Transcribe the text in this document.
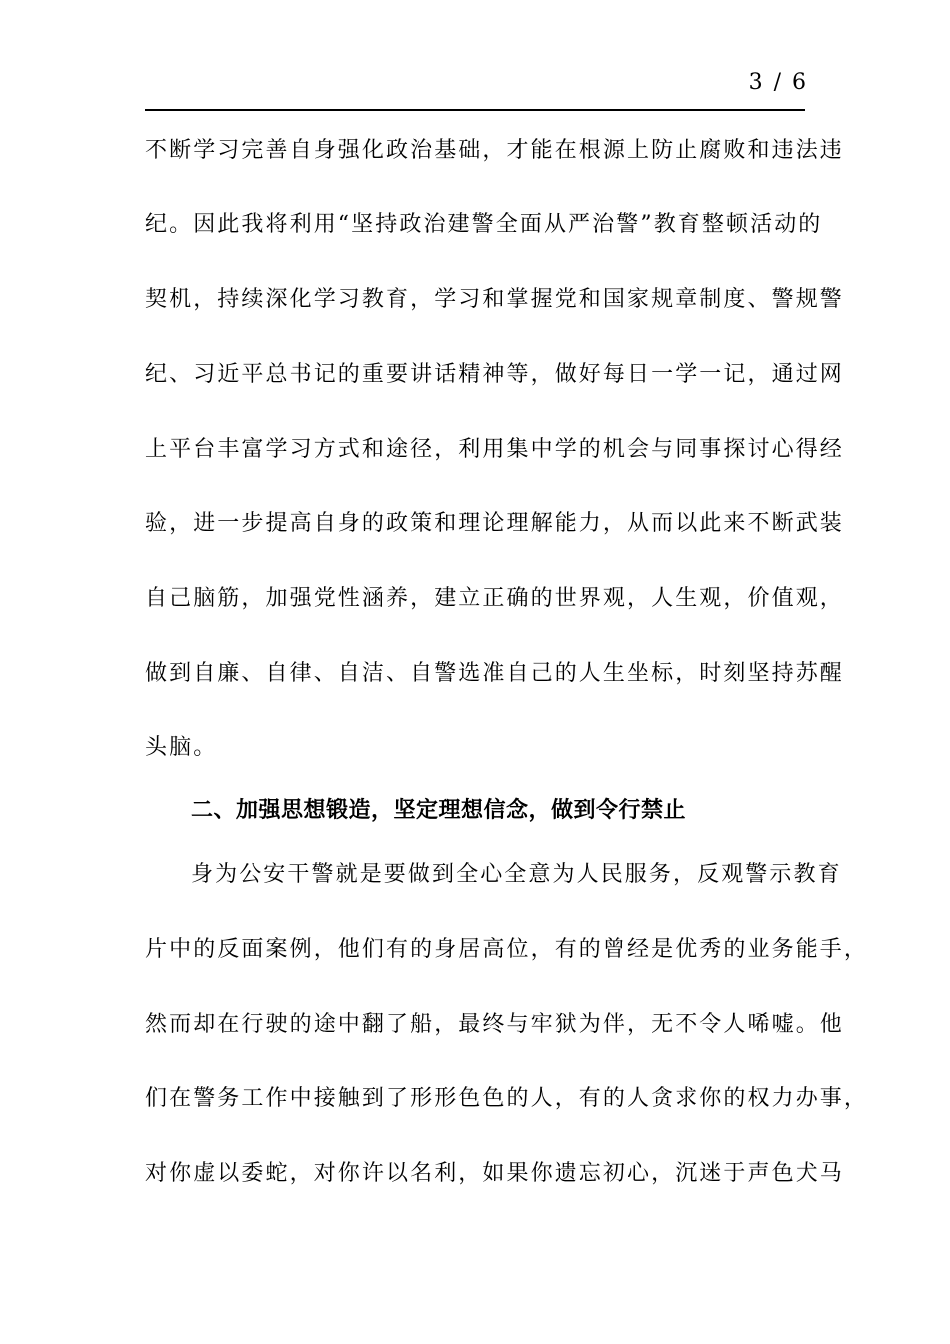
3 / 6
不断学习完善自身强化政治基础，才能在根源上防止腐败和违法违
纪。因此我将利用“坚持政治建警全面从严治警”教育整顿活动的
契机，持续深化学习教育，学习和掌握党和国家规章制度、警规警
纪、习近平总书记的重要讲话精神等，做好每日一学一记，通过网
上平台丰富学习方式和途径，利用集中学的机会与同事探讨心得经
验，进一步提高自身的政策和理论理解能力，从而以此来不断武装
自己脑筋，加强党性涵养，建立正确的世界观，人生观，价值观，
做到自廉、自律、自洁、自警选准自己的人生坐标，时刻坚持苏醒
头脑。
二、加强思想锻造，坚定理想信念，做到令行禁止
身为公安干警就是要做到全心全意为人民服务，反观警示教育
片中的反面案例，他们有的身居高位，有的曾经是优秀的业务能手，
然而却在行驶的途中翻了船，最终与牢狱为伴，无不令人唏嘘。他
们在警务工作中接触到了形形色色的人，有的人贪求你的权力办事，
对你虚以委蛇，对你许以名利，如果你遗忘初心，沉迷于声色犬马
